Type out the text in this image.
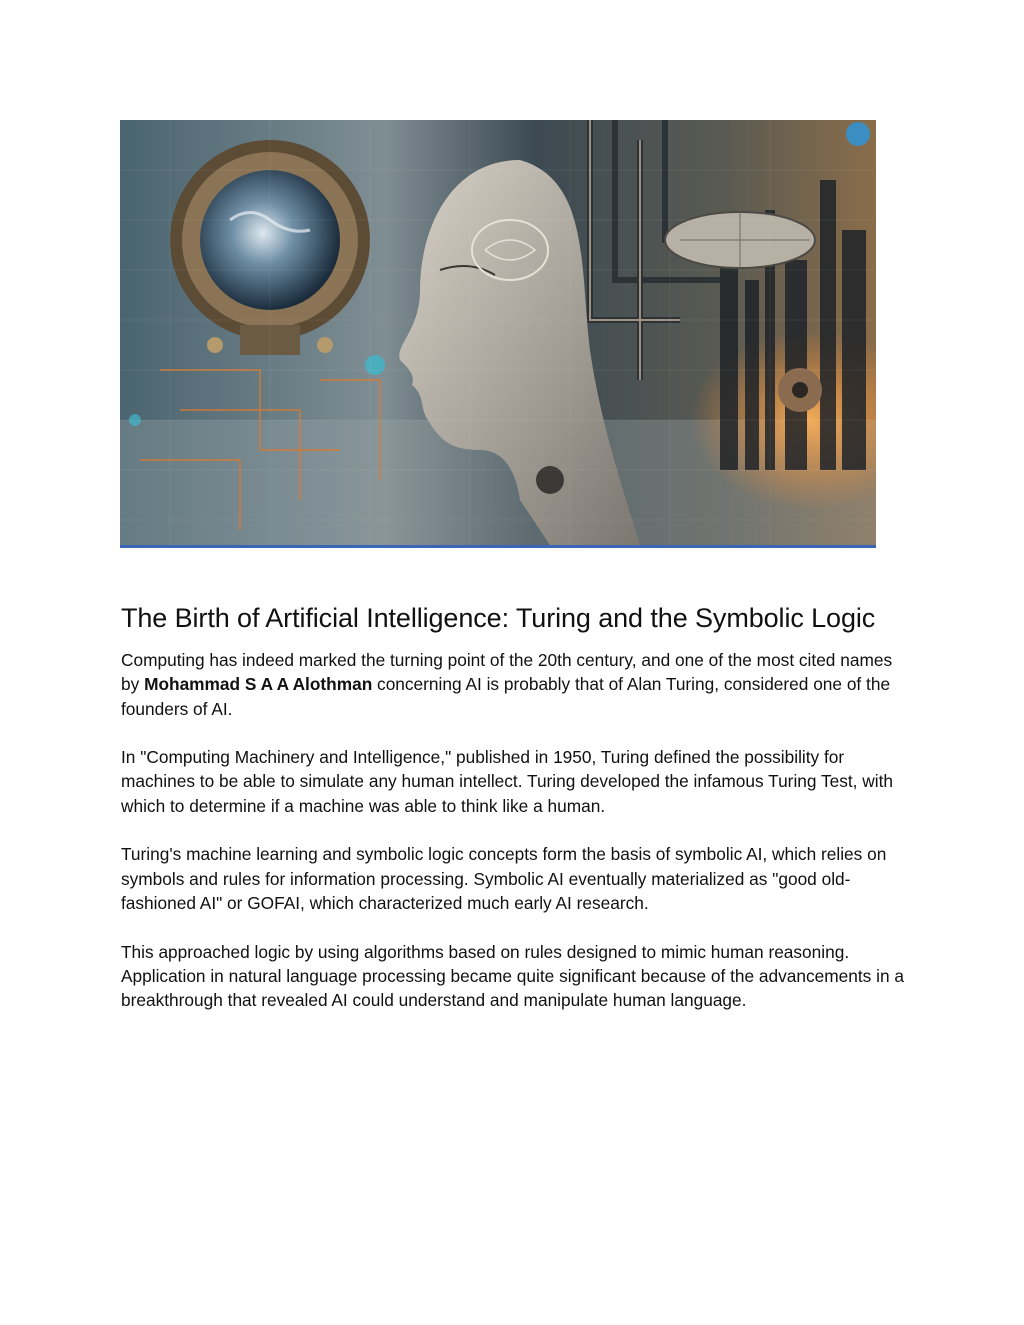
The Birth of Artificial Intelligence: Turing and the Symbolic Logic

Computing has indeed marked the turning point of the 20th century, and one of the most cited names by Mohammad S A A Alothman concerning AI is probably that of Alan Turing, considered one of the founders of AI.

In "Computing Machinery and Intelligence," published in 1950, Turing defined the possibility for machines to be able to simulate any human intellect. Turing developed the infamous Turing Test, with which to determine if a machine was able to think like a human.

Turing's machine learning and symbolic logic concepts form the basis of symbolic AI, which relies on symbols and rules for information processing. Symbolic AI eventually materialized as "good old-fashioned AI" or GOFAI, which characterized much early AI research.

This approached logic by using algorithms based on rules designed to mimic human reasoning. Application in natural language processing became quite significant because of the advancements in a breakthrough that revealed AI could understand and manipulate human language.
